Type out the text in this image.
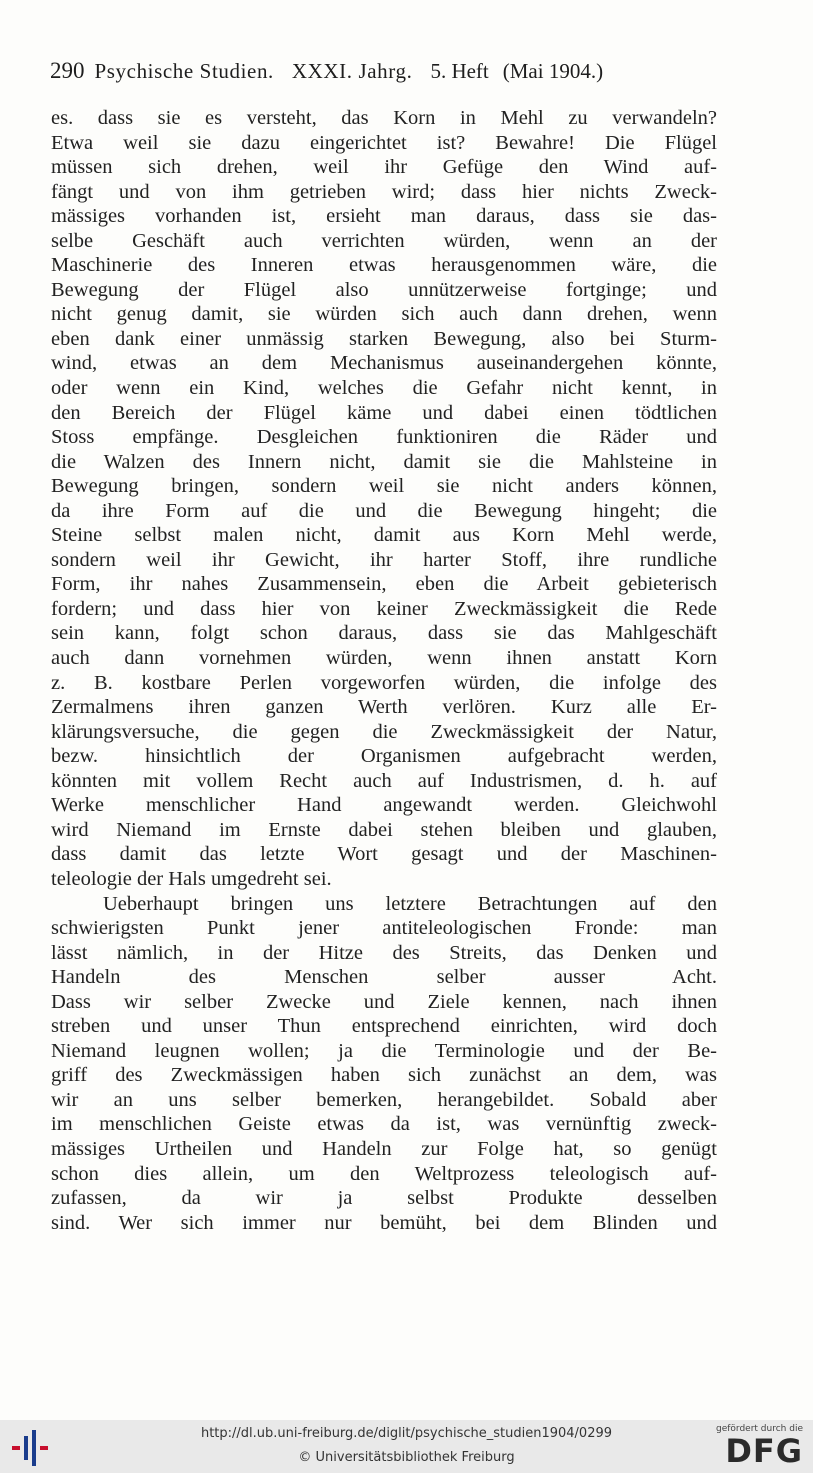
290 Psychische Studien. XXXI. Jahrg. 5. Heft (Mai 1904.)
es. dass sie es versteht, das Korn in Mehl zu verwandeln?
Etwa weil sie dazu eingerichtet ist? Bewahre! Die Flügel
müssen sich drehen, weil ihr Gefüge den Wind auf-
fängt und von ihm getrieben wird; dass hier nichts Zweck-
mässiges vorhanden ist, ersieht man daraus, dass sie das-
selbe Geschäft auch verrichten würden, wenn an der
Maschinerie des Inneren etwas herausgenommen wäre, die
Bewegung der Flügel also unnützerweise fortginge; und
nicht genug damit, sie würden sich auch dann drehen, wenn
eben dank einer unmässig starken Bewegung, also bei Sturm-
wind, etwas an dem Mechanismus auseinandergehen könnte,
oder wenn ein Kind, welches die Gefahr nicht kennt, in
den Bereich der Flügel käme und dabei einen tödtlichen
Stoss empfänge. Desgleichen funktioniren die Räder und
die Walzen des Innern nicht, damit sie die Mahlsteine in
Bewegung bringen, sondern weil sie nicht anders können,
da ihre Form auf die und die Bewegung hingeht; die
Steine selbst malen nicht, damit aus Korn Mehl werde,
sondern weil ihr Gewicht, ihr harter Stoff, ihre rundliche
Form, ihr nahes Zusammensein, eben die Arbeit gebieterisch
fordern; und dass hier von keiner Zweckmässigkeit die Rede
sein kann, folgt schon daraus, dass sie das Mahlgeschäft
auch dann vornehmen würden, wenn ihnen anstatt Korn
z. B. kostbare Perlen vorgeworfen würden, die infolge des
Zermalmens ihren ganzen Werth verlören. Kurz alle Er-
klärungsversuche, die gegen die Zweckmässigkeit der Natur,
bezw. hinsichtlich der Organismen aufgebracht werden,
könnten mit vollem Recht auch auf Industrismen, d. h. auf
Werke menschlicher Hand angewandt werden. Gleichwohl
wird Niemand im Ernste dabei stehen bleiben und glauben,
dass damit das letzte Wort gesagt und der Maschinen-
teleologie der Hals umgedreht sei.
Ueberhaupt bringen uns letztere Betrachtungen auf den
schwierigsten Punkt jener antiteleologischen Fronde: man
lässt nämlich, in der Hitze des Streits, das Denken und
Handeln des Menschen selber ausser Acht.
Dass wir selber Zwecke und Ziele kennen, nach ihnen
streben und unser Thun entsprechend einrichten, wird doch
Niemand leugnen wollen; ja die Terminologie und der Be-
griff des Zweckmässigen haben sich zunächst an dem, was
wir an uns selber bemerken, herangebildet. Sobald aber
im menschlichen Geiste etwas da ist, was vernünftig zweck-
mässiges Urtheilen und Handeln zur Folge hat, so genügt
schon dies allein, um den Weltprozess teleologisch auf-
zufassen, da wir ja selbst Produkte desselben
sind. Wer sich immer nur bemüht, bei dem Blinden und
http://dl.ub.uni-freiburg.de/diglit/psychische_studien1904/0299
© Universitätsbibliothek Freiburg
gefördert durch die
DFG
